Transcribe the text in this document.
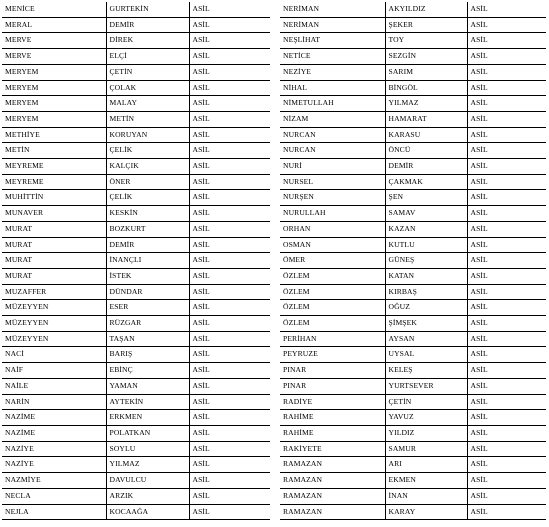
MENİCE	GURTEKİN	ASİL
MERAL	DEMİR	ASİL
MERVE	DİREK	ASİL
MERVE	ELÇİ	ASİL
MERYEM	ÇETİN	ASİL
MERYEM	ÇOLAK	ASİL
MERYEM	MALAY	ASİL
MERYEM	METİN	ASİL
METHİYE	KORUYAN	ASİL
METİN	ÇELİK	ASİL
MEYREME	KALÇIK	ASİL
MEYREME	ÖNER	ASİL
MUHİTTİN	ÇELİK	ASİL
MUNAVER	KESKİN	ASİL
MURAT	BOZKURT	ASİL
MURAT	DEMİR	ASİL
MURAT	İNANÇLI	ASİL
MURAT	İSTEK	ASİL
MUZAFFER	DÜNDAR	ASİL
MÜZEYYEN	ESER	ASİL
MÜZEYYEN	RÜZGAR	ASİL
MÜZEYYEN	TAŞAN	ASİL
NACİ	BARIŞ	ASİL
NAİF	EBİNÇ	ASİL
NAİLE	YAMAN	ASİL
NARİN	AYTEKİN	ASİL
NAZİME	ERKMEN	ASİL
NAZİME	POLATKAN	ASİL
NAZİYE	SOYLU	ASİL
NAZİYE	YILMAZ	ASİL
NAZMİYE	DAVULCU	ASİL
NECLA	ARZIK	ASİL
NEJLA	KOCAAĞA	ASİL
NERİMAN	AKYILDIZ	ASİL
NERİMAN	ŞEKER	ASİL
NEŞLİHAT	TOY	ASİL
NETİCE	SEZGİN	ASİL
NEZİYE	SARIM	ASİL
NİHAL	BİNGÖL	ASİL
NİMETULLAH	YILMAZ	ASİL
NİZAM	HAMARAT	ASİL
NURCAN	KARASU	ASİL
NURCAN	ÖNCÜ	ASİL
NURİ	DEMİR	ASİL
NURSEL	ÇAKMAK	ASİL
NURŞEN	ŞEN	ASİL
NURULLAH	SAMAV	ASİL
ORHAN	KAZAN	ASİL
OSMAN	KUTLU	ASİL
ÖMER	GÜNEŞ	ASİL
ÖZLEM	KATAN	ASİL
ÖZLEM	KIRBAŞ	ASİL
ÖZLEM	OĞUZ	ASİL
ÖZLEM	ŞİMŞEK	ASİL
PERİHAN	AYSAN	ASİL
PEYRUZE	UYSAL	ASİL
PINAR	KELEŞ	ASİL
PINAR	YURTSEVER	ASİL
RADİYE	ÇETİN	ASİL
RAHİME	YAVUZ	ASİL
RAHİME	YILDIZ	ASİL
RAKİYETE	SAMUR	ASİL
RAMAZAN	ARI	ASİL
RAMAZAN	EKMEN	ASİL
RAMAZAN	İNAN	ASİL
RAMAZAN	KARAY	ASİL
